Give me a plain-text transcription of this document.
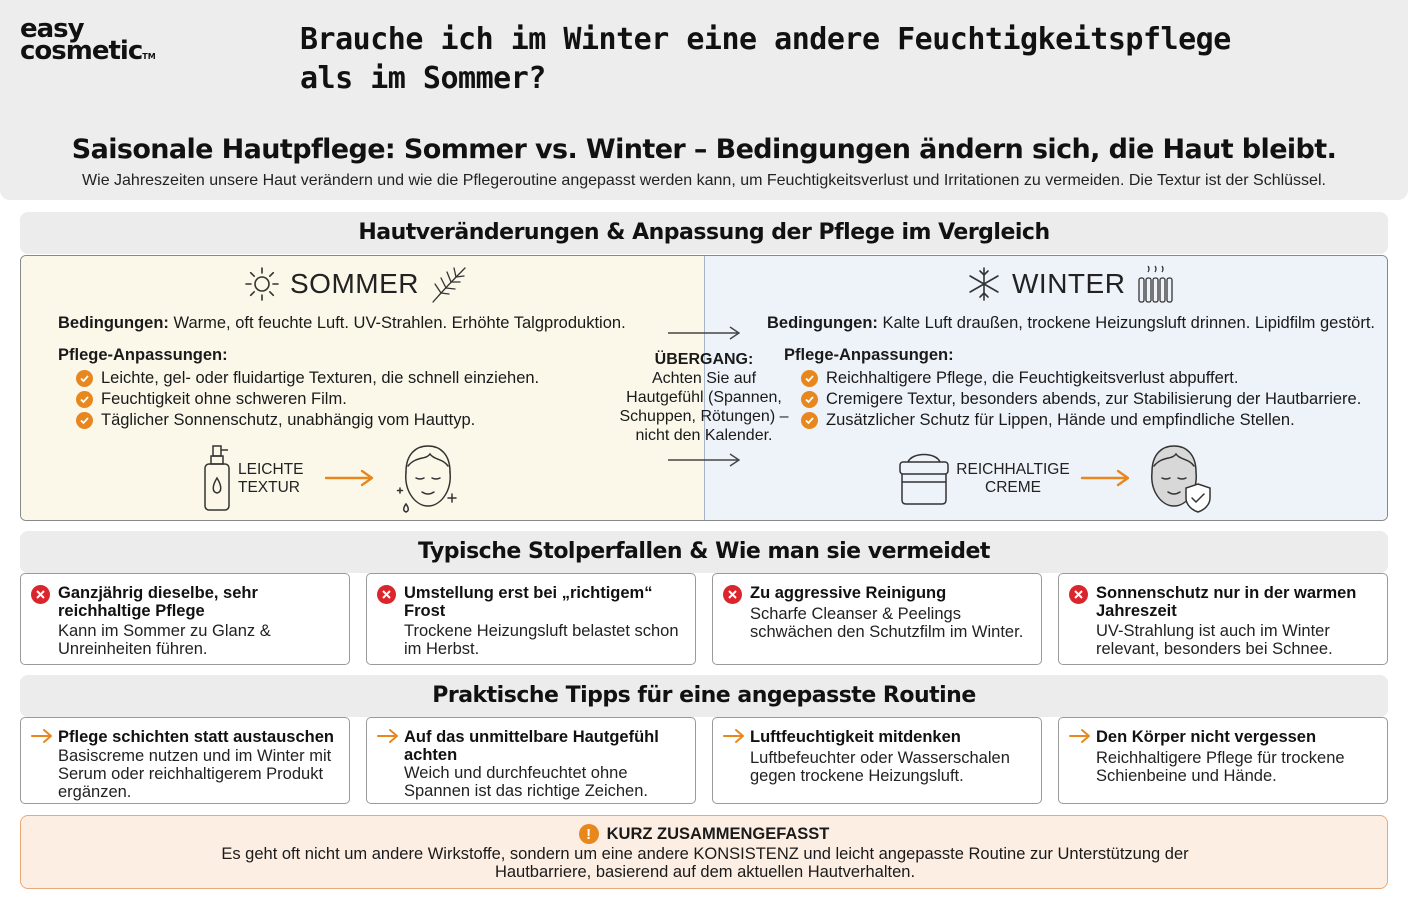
easy
cosmetic™	Brauche ich im Winter eine andere Feuchtigkeitspflege als im Sommer?
Saisonale Hautpflege: Sommer vs. Winter – Bedingungen ändern sich, die Haut bleibt.
Wie Jahreszeiten unsere Haut verändern und wie die Pflegeroutine angepasst werden kann, um Feuchtigkeitsverlust und Irritationen zu vermeiden. Die Textur ist der Schlüssel.
Hautveränderungen & Anpassung der Pflege im Vergleich
SOMMER
Bedingungen: Warme, oft feuchte Luft. UV-Strahlen. Erhöhte Talgproduktion.
Pflege-Anpassungen:
Leichte, gel- oder fluidartige Texturen, die schnell einziehen.
Feuchtigkeit ohne schweren Film.
Täglicher Sonnenschutz, unabhängig vom Hauttyp.
LEICHTE
TEXTUR
ÜBERGANG:
Achten Sie auf
Hautgefühl (Spannen,
Schuppen, Rötungen) –
nicht den Kalender.
WINTER
Bedingungen: Kalte Luft draußen, trockene Heizungsluft drinnen. Lipidfilm gestört.
Pflege-Anpassungen:
Reichhaltigere Pflege, die Feuchtigkeitsverlust abpuffert.
Cremigere Textur, besonders abends, zur Stabilisierung der Hautbarriere.
Zusätzlicher Schutz für Lippen, Hände und empfindliche Stellen.
REICHHALTIGE
CREME
Typische Stolperfallen & Wie man sie vermeidet
Ganzjährig dieselbe, sehr
reichhaltige Pflege
Kann im Sommer zu Glanz &
Unreinheiten führen.
Umstellung erst bei „richtigem“
Frost
Trockene Heizungsluft belastet schon
im Herbst.
Zu aggressive Reinigung
Scharfe Cleanser & Peelings
schwächen den Schutzfilm im Winter.
Sonnenschutz nur in der warmen
Jahreszeit
UV-Strahlung ist auch im Winter
relevant, besonders bei Schnee.
Praktische Tipps für eine angepasste Routine
Pflege schichten statt austauschen
Basiscreme nutzen und im Winter mit
Serum oder reichhaltigerem Produkt
ergänzen.
Auf das unmittelbare Hautgefühl
achten
Weich und durchfeuchtet ohne
Spannen ist das richtige Zeichen.
Luftfeuchtigkeit mitdenken
Luftbefeuchter oder Wasserschalen
gegen trockene Heizungsluft.
Den Körper nicht vergessen
Reichhaltigere Pflege für trockene
Schienbeine und Hände.
! KURZ ZUSAMMENGEFASST
Es geht oft nicht um andere Wirkstoffe, sondern um eine andere KONSISTENZ und leicht angepasste Routine zur Unterstützung der
Hautbarriere, basierend auf dem aktuellen Hautverhalten.
